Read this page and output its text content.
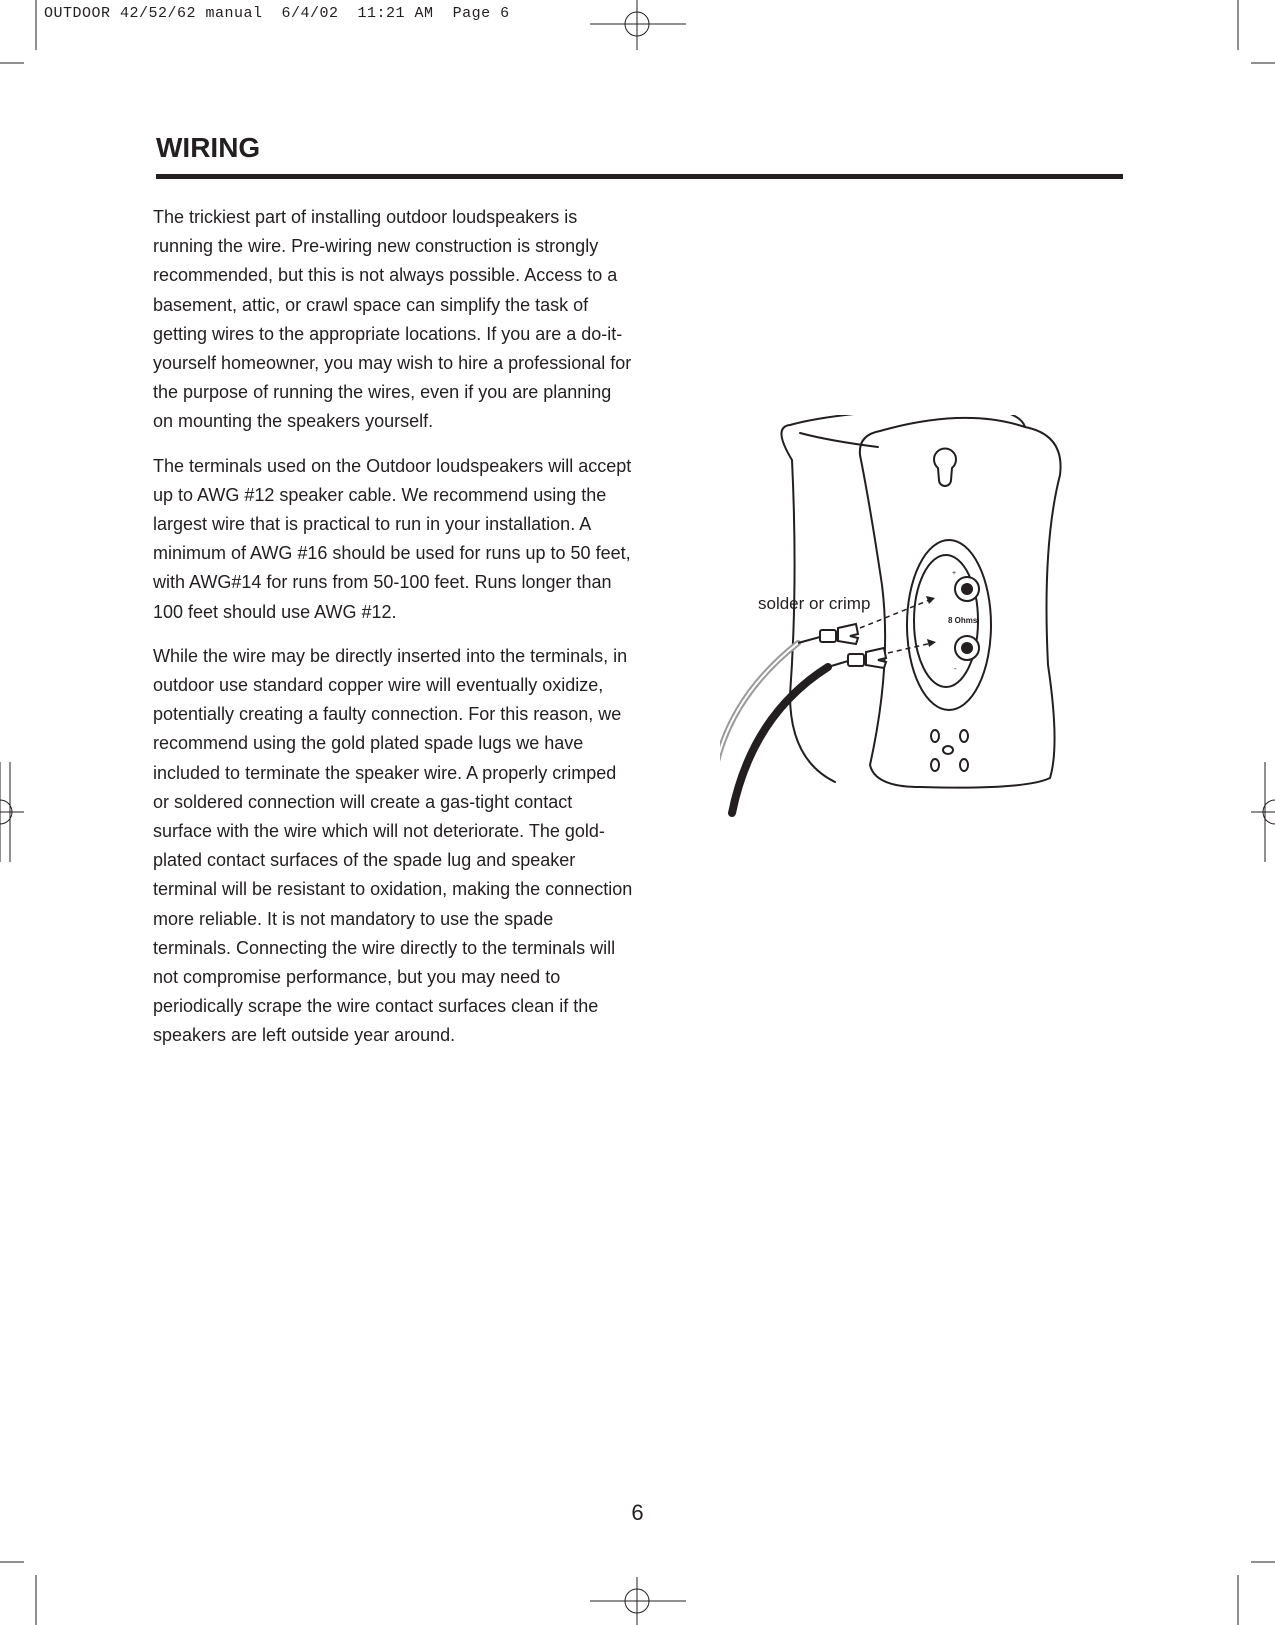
OUTDOOR 42/52/62 manual  6/4/02  11:21 AM  Page 6
WIRING

The trickiest part of installing outdoor loudspeakers is running the wire. Pre-wiring new construction is strongly recommended, but this is not always possible. Access to a basement, attic, or crawl space can simplify the task of getting wires to the appropriate locations. If you are a do-it-yourself homeowner, you may wish to hire a professional for the purpose of running the wires, even if you are planning on mounting the speakers yourself.

The terminals used on the Outdoor loudspeakers will accept up to AWG #12 speaker cable. We recommend using the largest wire that is practical to run in your installation. A minimum of AWG #16 should be used for runs up to 50 feet, with AWG#14 for runs from 50-100 feet. Runs longer than 100 feet should use AWG #12.

While the wire may be directly inserted into the terminals, in outdoor use standard copper wire will eventually oxidize, potentially creating a faulty connection. For this reason, we recommend using the gold plated spade lugs we have included to terminate the speaker wire. A properly crimped or soldered connection will create a gas-tight contact surface with the wire which will not deteriorate. The gold-plated contact surfaces of the spade lug and speaker terminal will be resistant to oxidation, making the connection more reliable. It is not mandatory to use the spade terminals. Connecting the wire directly to the terminals will not compromise performance, but you may need to periodically scrape the wire contact surfaces clean if the speakers are left outside year around.

+
8 Ohms
-
solder or crimp
6
